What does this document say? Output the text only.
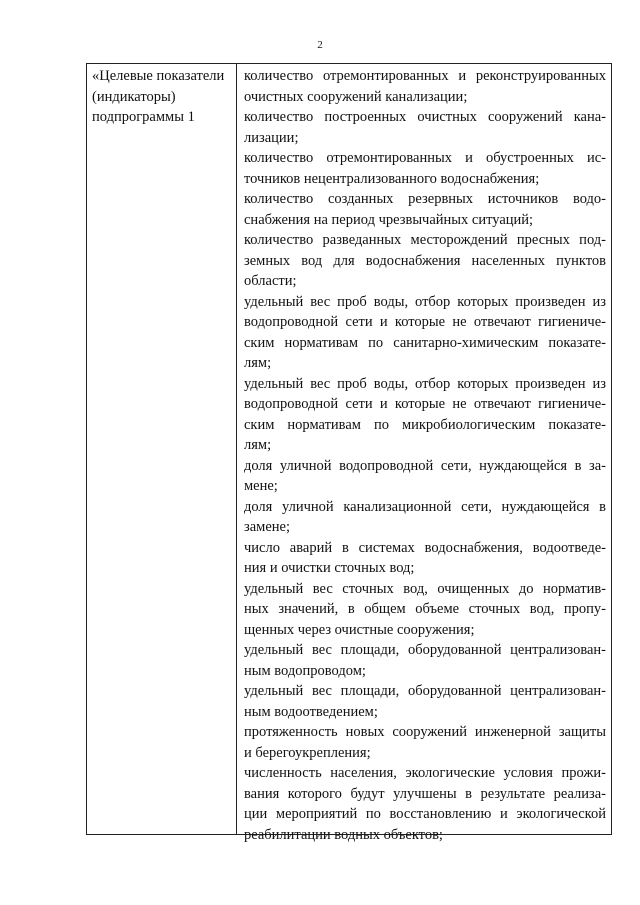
2
«Целевые показатели
(индикаторы)
подпрограммы 1
количество отремонтированных и реконструированных
очистных сооружений канализации;
количество построенных очистных сооружений кана-
лизации;
количество отремонтированных и обустроенных ис-
точников нецентрализованного водоснабжения;
количество созданных резервных источников водо-
снабжения на период чрезвычайных ситуаций;
количество разведанных месторождений пресных под-
земных вод для водоснабжения населенных пунктов
области;
удельный вес проб воды, отбор которых произведен из
водопроводной сети и которые не отвечают гигиениче-
ским нормативам по санитарно-химическим показате-
лям;
удельный вес проб воды, отбор которых произведен из
водопроводной сети и которые не отвечают гигиениче-
ским нормативам по микробиологическим показате-
лям;
доля уличной водопроводной сети, нуждающейся в за-
мене;
доля уличной канализационной сети, нуждающейся в
замене;
число аварий в системах водоснабжения, водоотведе-
ния и очистки сточных вод;
удельный вес сточных вод, очищенных до норматив-
ных значений, в общем объеме сточных вод, пропу-
щенных через очистные сооружения;
удельный вес площади, оборудованной централизован-
ным водопроводом;
удельный вес площади, оборудованной централизован-
ным водоотведением;
протяженность новых сооружений инженерной защиты
и берегоукрепления;
численность населения, экологические условия прожи-
вания которого будут улучшены в результате реализа-
ции мероприятий по восстановлению и экологической
реабилитации водных объектов;
